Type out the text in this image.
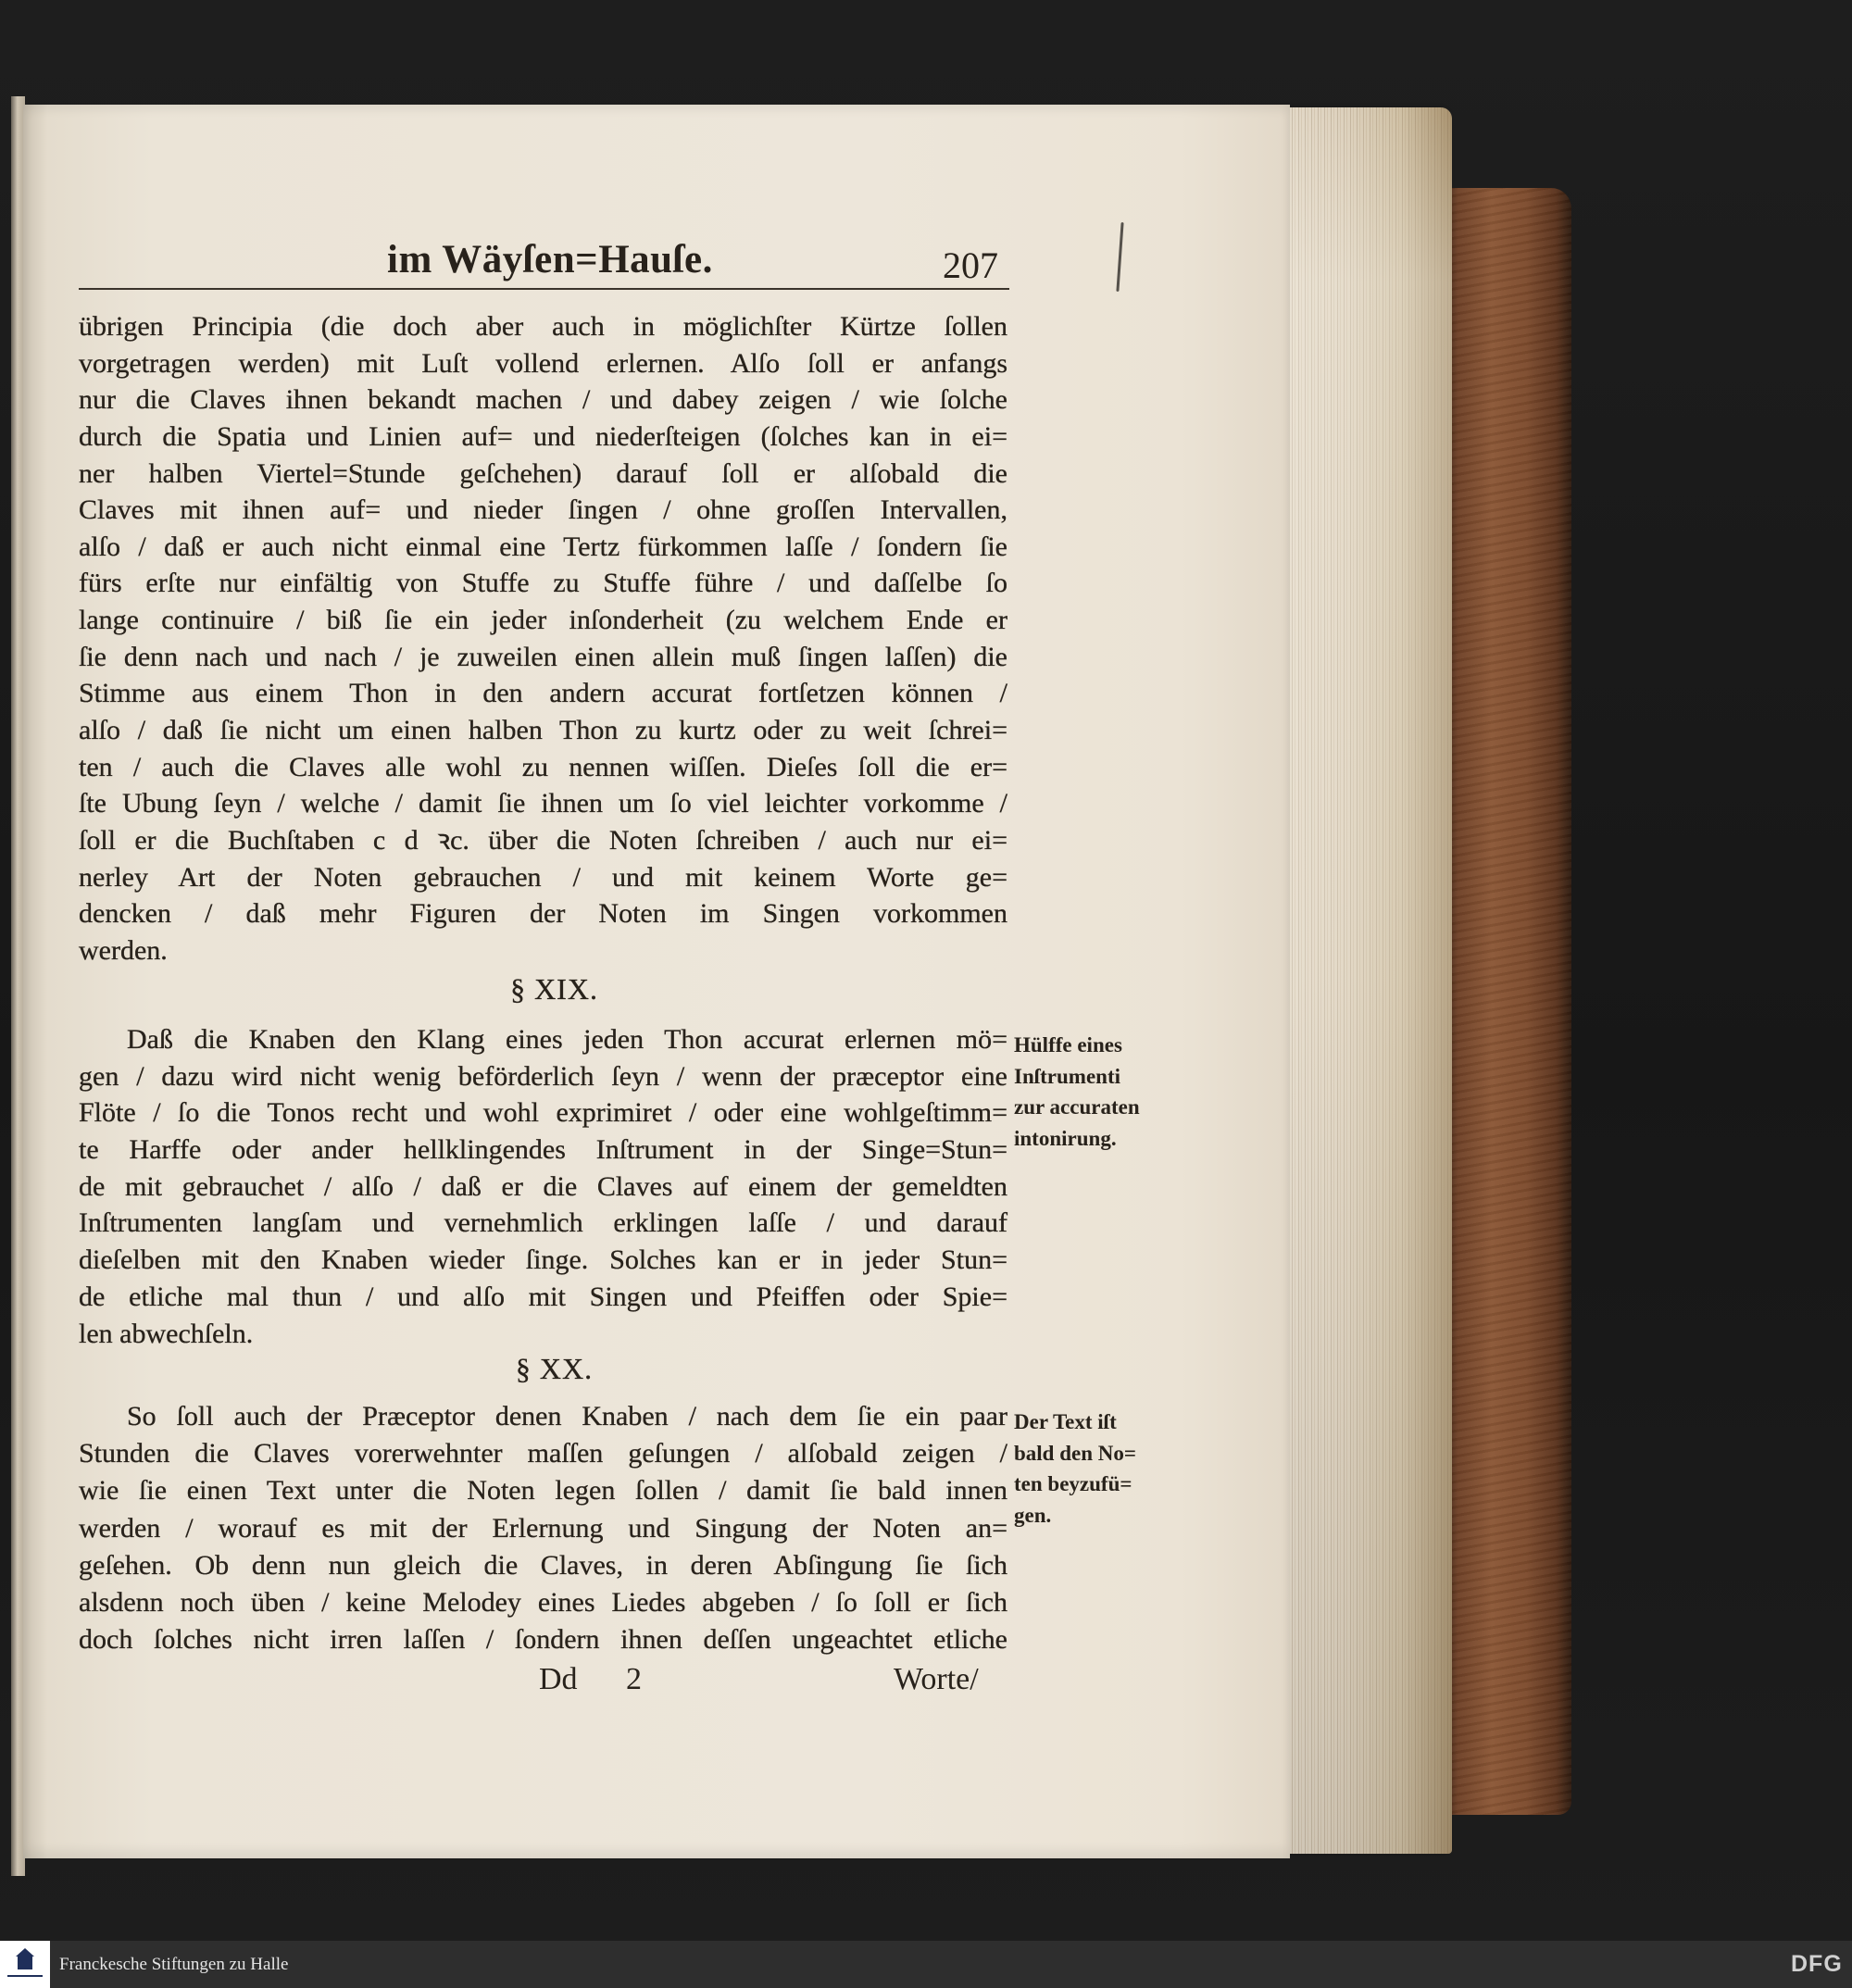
im Wäyſen=Hauſe.	207
übrigen Principia (die doch aber auch in möglichſter Kürtze ſollen
vorgetragen werden) mit Luſt vollend erlernen. Alſo ſoll er anfangs
nur die Claves ihnen bekandt machen / und dabey zeigen / wie ſolche
durch die Spatia und Linien auf= und niederſteigen (ſolches kan in ei=
ner halben Viertel=Stunde geſchehen) darauf ſoll er alſobald die
Claves mit ihnen auf= und nieder ſingen / ohne groſſen Intervallen,
alſo / daß er auch nicht einmal eine Tertz fürkommen laſſe / ſondern ſie
fürs erſte nur einfältig von Stuffe zu Stuffe führe / und daſſelbe ſo
lange continuire / biß ſie ein jeder inſonderheit (zu welchem Ende er
ſie denn nach und nach / je zuweilen einen allein muß ſingen laſſen) die
Stimme aus einem Thon in den andern accurat fortſetzen können /
alſo / daß ſie nicht um einen halben Thon zu kurtz oder zu weit ſchrei=
ten / auch die Claves alle wohl zu nennen wiſſen. Dieſes ſoll die er=
ſte Ubung ſeyn / welche / damit ſie ihnen um ſo viel leichter vorkomme /
ſoll er die Buchſtaben c d ꝛc. über die Noten ſchreiben / auch nur ei=
nerley Art der Noten gebrauchen / und mit keinem Worte ge=
dencken / daß mehr Figuren der Noten im Singen vorkommen
werden.
§ XIX.
Daß die Knaben den Klang eines jeden Thon accurat erlernen mö=
gen / dazu wird nicht wenig beförderlich ſeyn / wenn der præceptor eine
Flöte / ſo die Tonos recht und wohl exprimiret / oder eine wohlgeſtimm=
te Harffe oder ander hellklingendes Inſtrument in der Singe=Stun=
de mit gebrauchet / alſo / daß er die Claves auf einem der gemeldten
Inſtrumenten langſam und vernehmlich erklingen laſſe / und darauf
dieſelben mit den Knaben wieder ſinge. Solches kan er in jeder Stun=
de etliche mal thun / und alſo mit Singen und Pfeiffen oder Spie=
len abwechſeln.
§ XX.
So ſoll auch der Præceptor denen Knaben / nach dem ſie ein paar
Stunden die Claves vorerwehnter maſſen geſungen / alſobald zeigen /
wie ſie einen Text unter die Noten legen ſollen / damit ſie bald innen
werden / worauf es mit der Erlernung und Singung der Noten an=
geſehen. Ob denn nun gleich die Claves, in deren Abſingung ſie ſich
alsdenn noch üben / keine Melodey eines Liedes abgeben / ſo ſoll er ſich
doch ſolches nicht irren laſſen / ſondern ihnen deſſen ungeachtet etliche
Hülffe eines
Inſtrumenti
zur accuraten
intonirung.
Der Text iſt
bald den No=
ten beyzufü=
gen.
Dd 2	Worte/
Franckesche Stiftungen zu Halle	DFG
